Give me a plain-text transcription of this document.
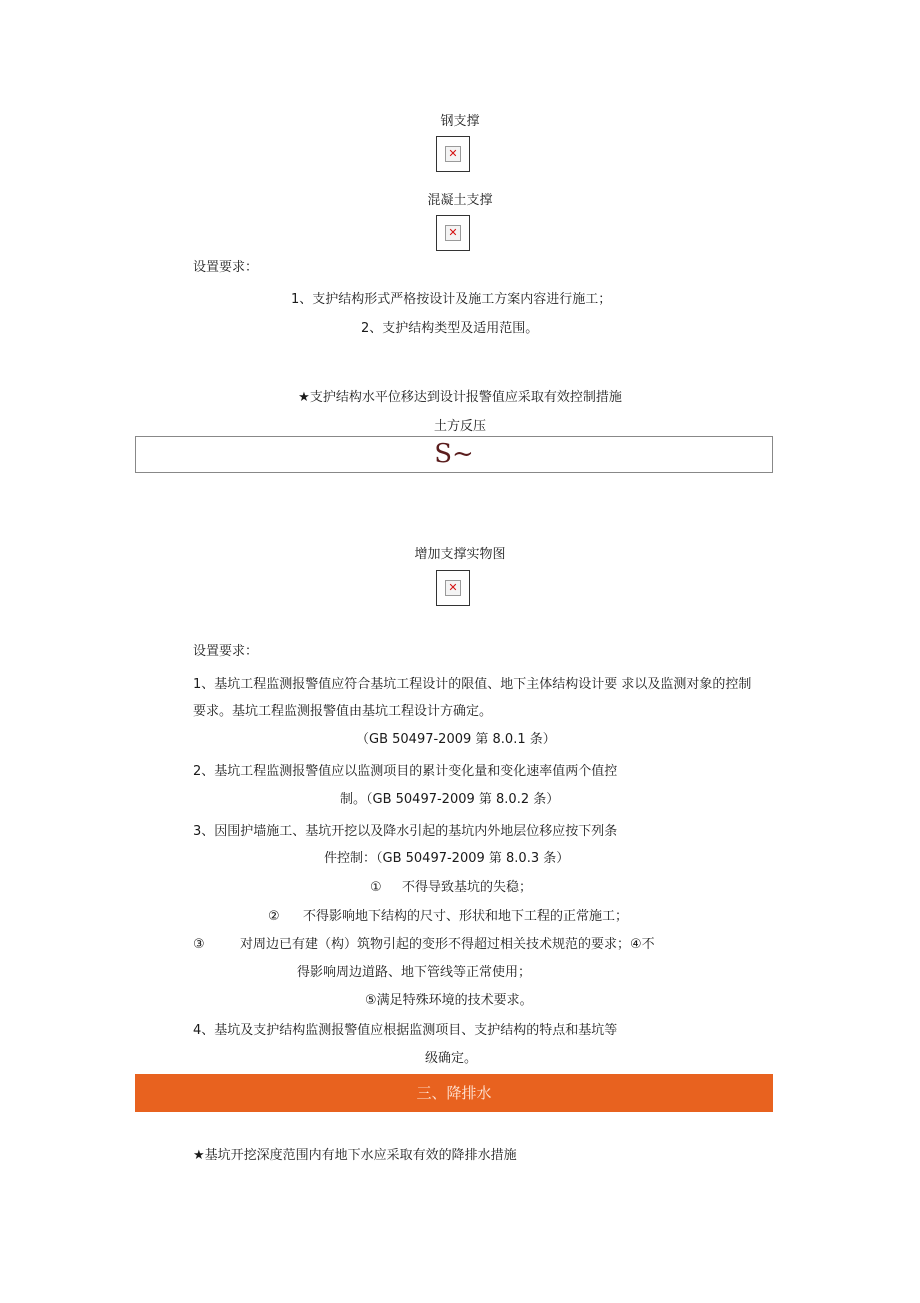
钢支撑
✕
混凝土支撑
✕
设置要求：
1、支护结构形式严格按设计及施工方案内容进行施工；
2、支护结构类型及适用范围。
★支护结构水平位移达到设计报警值应采取有效控制措施
土方反压
S~
增加支撑实物图
✕
设置要求：
1、基坑工程监测报警值应符合基坑工程设计的限值、地下主体结构设计要 求以及监测对象的控制
要求。基坑工程监测报警值由基坑工程设计方确定。
（GB 50497-2009 第 8.0.1 条）
2、基坑工程监测报警值应以监测项目的累计变化量和变化速率值两个值控
制。（GB 50497-2009 第 8.0.2 条）
3、因围护墙施工、基坑开挖以及降水引起的基坑内外地层位移应按下列条
件控制：（GB 50497-2009 第 8.0.3 条）
① 不得导致基坑的失稳；
② 不得影响地下结构的尺寸、形状和地下工程的正常施工；
③	对周边已有建（构）筑物引起的变形不得超过相关技术规范的要求；④不
得影响周边道路、地下管线等正常使用；
⑤满足特殊环境的技术要求。
4、基坑及支护结构监测报警值应根据监测项目、支护结构的特点和基坑等
级确定。
三、降排水
★基坑开挖深度范围内有地下水应采取有效的降排水措施
